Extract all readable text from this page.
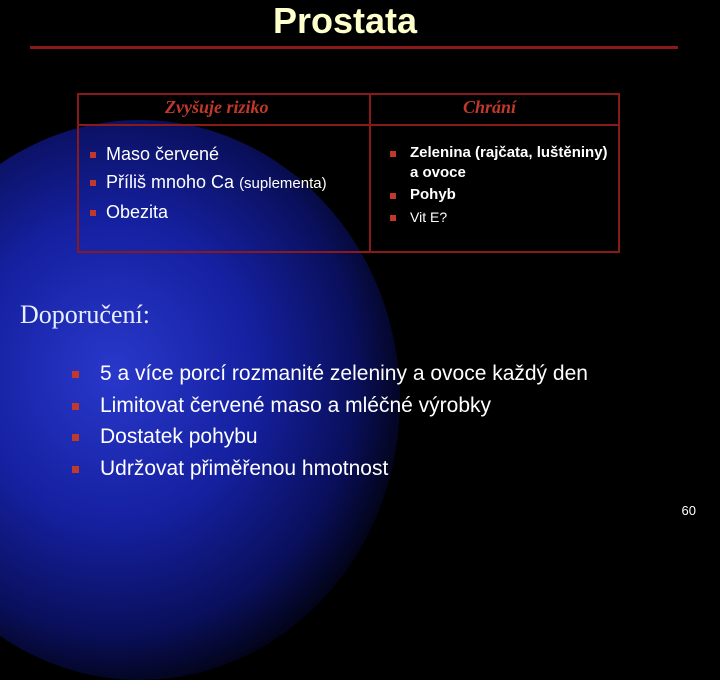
Prostata
Zvyšuje riziko	Chrání
Maso červené
Příliš mnoho Ca (suplementa)
Obezita
Zelenina (rajčata, luštěniny) a ovoce
Pohyb
Vit E?
Doporučení:
5 a více porcí rozmanité zeleniny a ovoce každý den
Limitovat červené maso a mléčné výrobky
Dostatek pohybu
Udržovat přiměřenou hmotnost
60
